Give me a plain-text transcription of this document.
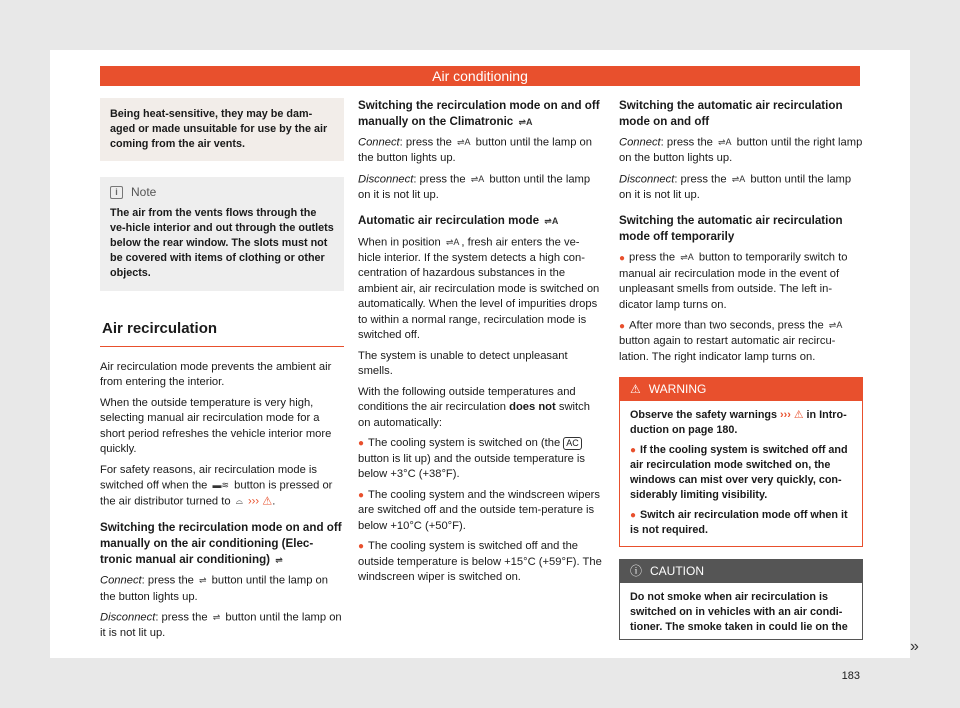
Air conditioning
Being heat-sensitive, they may be dam-aged or made unsuitable for use by the air coming from the air vents.
i	Note
The air from the vents flows through the ve-hicle interior and out through the outlets below the rear window. The slots must not be covered with items of clothing or other objects.
Air recirculation

Air recirculation mode prevents the ambient air from entering the interior.

When the outside temperature is very high, selecting manual air recirculation mode for a short period refreshes the vehicle interior more quickly.

For safety reasons, air recirculation mode is switched off when the ▬≋ button is pressed or the air distributor turned to ⌓ ››› ⚠.

Switching the recirculation mode on and off manually on the air conditioning (Elec-tronic manual air conditioning) ⇌

Connect: press the ⇌ button until the lamp on the button lights up.

Disconnect: press the ⇌ button until the lamp on it is not lit up.

Switching the recirculation mode on and off manually on the Climatronic ⇌A

Connect: press the ⇌A button until the lamp on the button lights up.

Disconnect: press the ⇌A button until the lamp on it is not lit up.

Automatic air recirculation mode ⇌A

When in position ⇌A , fresh air enters the ve-hicle interior. If the system detects a high con-centration of hazardous substances in the ambient air, air recirculation mode is switched on automatically. When the level of impurities drops to within a normal range, recirculation mode is switched off.

The system is unable to detect unpleasant smells.

With the following outside temperatures and conditions the air recirculation does not switch on automatically:

● The cooling system is switched on (the AC button is lit up) and the outside temperature is below +3°C (+38°F).

● The cooling system and the windscreen wipers are switched off and the outside tem-perature is below +10°C (+50°F).

● The cooling system is switched off and the outside temperature is below +15°C (+59°F). The windscreen wiper is switched on.

Switching the automatic air recirculation mode on and off

Connect: press the ⇌A button until the right lamp on the button lights up.

Disconnect: press the ⇌A button until the lamp on it is not lit up.

Switching the automatic air recirculation mode off temporarily

● press the ⇌A button to temporarily switch to manual air recirculation mode in the event of unpleasant smells from outside. The left in-dicator lamp turns on.

● After more than two seconds, press the ⇌A button again to restart automatic air recircu-lation. The right indicator lamp turns on.

⚠ WARNING

Observe the safety warnings ››› ⚠ in Intro-duction on page 180.

● If the cooling system is switched off and air recirculation mode switched on, the windows can mist over very quickly, con-siderably limiting visibility.

● Switch air recirculation mode off when it is not required.

ⓘ CAUTION
Do not smoke when air recirculation is switched on in vehicles with an air condi-tioner. The smoke taken in could lie on the
»
183
